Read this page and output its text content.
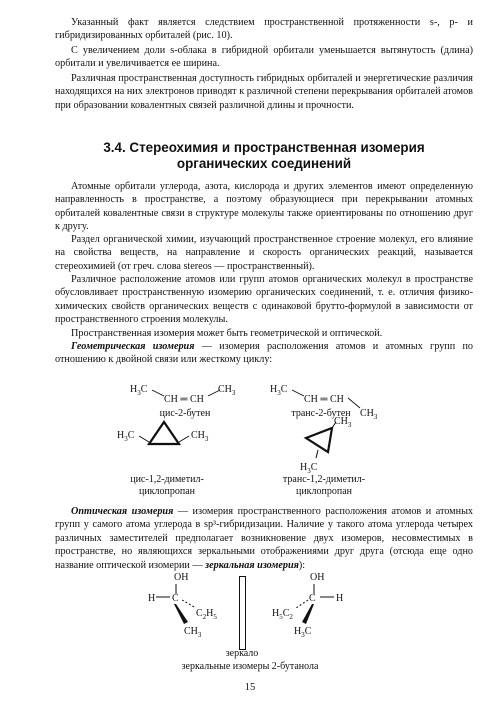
Указанный факт является следствием пространственной протяженности s-, p- и гибридизированных орбиталей (рис. 10).

С увеличением доли s-облака в гибридной орбитали уменьшается вытянутость (длина) орбитали и увеличивается ее ширина.

Различная пространственная доступность гибридных орбиталей и энергетические различия находящихся на них электронов приводят к различной степени перекрывания орбиталей атомов при образовании ковалентных связей различной длины и прочности.

3.4. Стереохимия и пространственная изомерия
органических соединений

Атомные орбитали углерода, азота, кислорода и других элементов имеют определенную направленность в пространстве, а поэтому образующиеся при перекрывании атомных орбиталей ковалентные связи в структуре молекулы также ориентированы по отношению друг к другу.

Раздел органической химии, изучающий пространственное строение молекул, его влияние на свойства веществ, на направление и скорость органических реакций, называется стереохимией (от греч. слова stereos — пространственный).

Различное расположение атомов или групп атомов органических молекул в пространстве обусловливает пространственную изомерию органических соединений, т. е. отличия физико-химических свойств органических веществ с одинаковой брутто-формулой в зависимости от пространственного строения молекулы.

Пространственная изомерия может быть геометрической и оптической.

Геометрическая изомерия — изомерия расположения атомов и атомных групп по отношению к двойной связи или жесткому циклу:

$H_3C$
CH ═ CH
$CH_3$
цис-2-бутен
$H_3C$
CH ═ CH
$CH_3$
транс-2-бутен
$H_3C$	$CH_3$
цис-1,2-диметил-
циклопропан
$CH_3$
$H_3C$
транс-1,2-диметил-
циклопропан

Оптическая изомерия — изомерия пространственного расположения атомов и атомных групп у самого атома углерода в sp³-гибридизации. Наличие у такого атома углерода четырех различных заместителей предполагает возникновение двух изомеров, несовместимых в пространстве, но являющихся зеркальными отображениями друг друга (отсюда еще одно название оптической изомерии — зеркальная изомерия):

OH
H C
$C_2H_5$
$CH_3$
зеркало
OH
C H
$H_5C_2$
$H_3C$
зеркальные изомеры 2-бутанола
15
